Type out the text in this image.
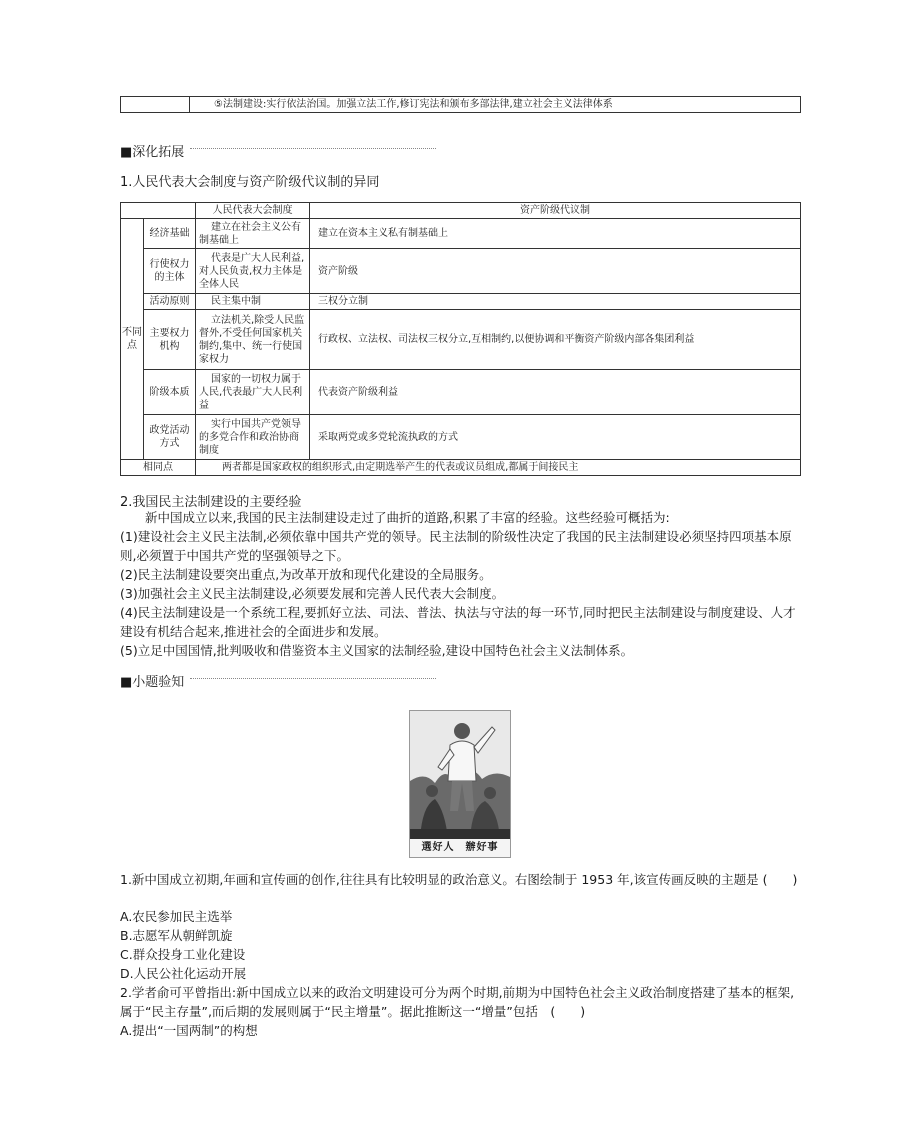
	⑤法制建设:实行依法治国。加强立法工作,修订宪法和颁布多部法律,建立社会主义法律体系
■深化拓展
1.人民代表大会制度与资产阶级代议制的异同
		人民代表大会制度	资产阶级代议制
不同点	经济基础	建立在社会主义公有制基础上	建立在资本主义私有制基础上
	行使权力的主体	代表是广大人民利益,对人民负责,权力主体是全体人民	资产阶级
	活动原则	民主集中制	三权分立制
	主要权力机构	立法机关,除受人民监督外,不受任何国家机关制约,集中、统一行使国家权力	行政权、立法权、司法权三权分立,互相制约,以便协调和平衡资产阶级内部各集团利益
	阶级本质	国家的一切权力属于人民,代表最广大人民利益	代表资产阶级利益
	政党活动方式	实行中国共产党领导的多党合作和政治协商制度	采取两党或多党轮流执政的方式
相同点		两者都是国家政权的组织形式,由定期选举产生的代表或议员组成,都属于间接民主	
2.我国民主法制建设的主要经验
　　新中国成立以来,我国的民主法制建设走过了曲折的道路,积累了丰富的经验。这些经验可概括为:
(1)建设社会主义民主法制,必须依靠中国共产党的领导。民主法制的阶级性决定了我国的民主法制建设必须坚持四项基本原
则,必须置于中国共产党的坚强领导之下。
(2)民主法制建设要突出重点,为改革开放和现代化建设的全局服务。
(3)加强社会主义民主法制建设,必须要发展和完善人民代表大会制度。
(4)民主法制建设是一个系统工程,要抓好立法、司法、普法、执法与守法的每一环节,同时把民主法制建设与制度建设、人才
建设有机结合起来,推进社会的全面进步和发展。
(5)立足中国国情,批判吸收和借鉴资本主义国家的法制经验,建设中国特色社会主义法制体系。
■小题验知
選好人　辦好事
1.新中国成立初期,年画和宣传画的创作,往往具有比较明显的政治意义。右图绘制于 1953 年,该宣传画反映的主题是 (　　)
A.农民参加民主选举
B.志愿军从朝鲜凯旋
C.群众投身工业化建设
D.人民公社化运动开展
2.学者俞可平曾指出:新中国成立以来的政治文明建设可分为两个时期,前期为中国特色社会主义政治制度搭建了基本的框架,
属于“民主存量”,而后期的发展则属于“民主增量”。据此推断这一“增量”包括　(　　)
A.提出“一国两制”的构想
